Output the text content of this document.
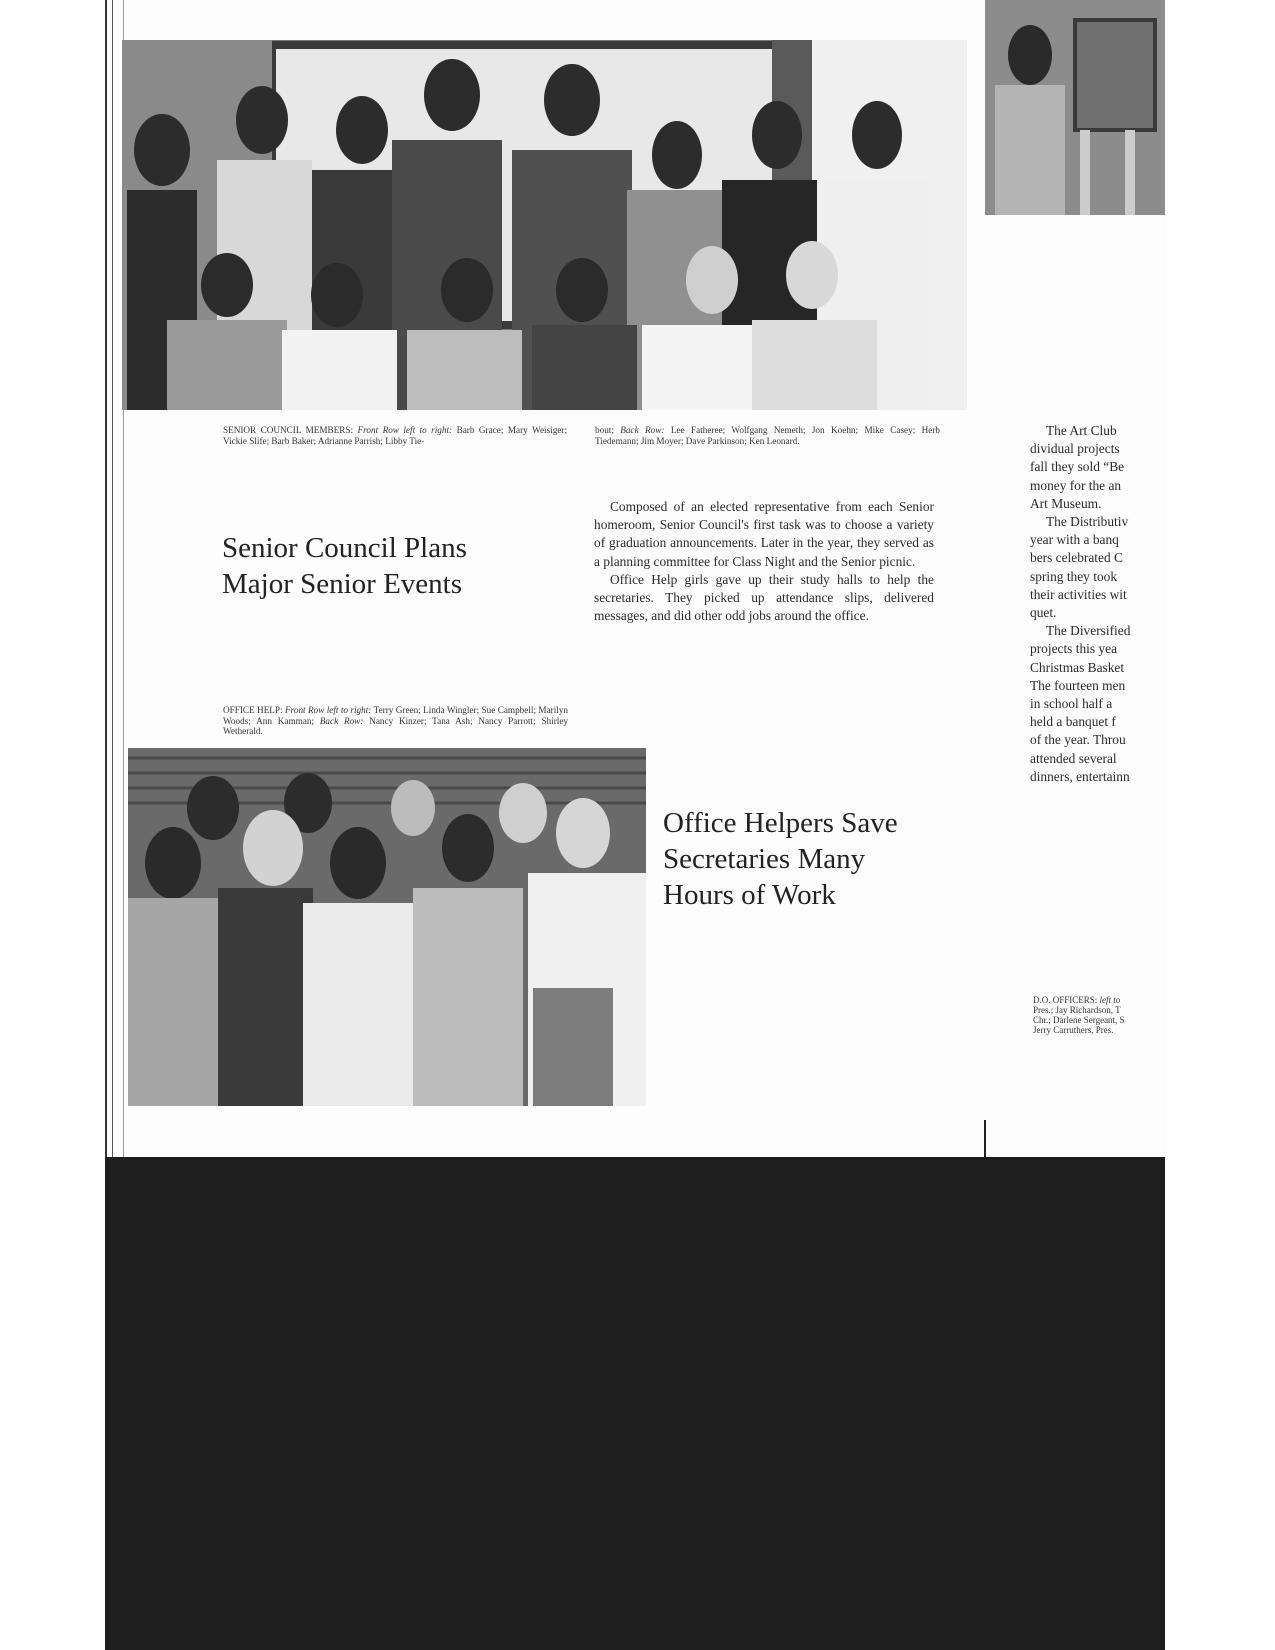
SENIOR COUNCIL MEMBERS: Front Row left to right: Barb Grace; Mary Weisiger; Vickie Slife; Barb Baker; Adrianne Parrish; Libby Tie-
bout; Back Row: Lee Fatheree; Wolfgang Nemeth; Jon Koehn; Mike Casey; Herb Tiedemann; Jim Moyer; Dave Parkinson; Ken Leonard.
Senior Council Plans
Major Senior Events

Composed of an elected representative from each Senior homeroom, Senior Council's first task was to choose a variety of graduation announcements. Later in the year, they served as a planning committee for Class Night and the Senior picnic.

Office Help girls gave up their study halls to help the secretaries. They picked up attendance slips, delivered messages, and did other odd jobs around the office.

OFFICE HELP: Front Row left to right: Terry Green; Linda Wingler; Sue Campbell; Marilyn Woods; Ann Kamman; Back Row: Nancy Kinzer; Tana Ash; Nancy Parrott; Shirley Wetherald.
Office Helpers Save
Secretaries Many
Hours of Work

The Art Club

dividual projects

fall they sold “Be

money for the an

Art Museum.

The Distributiv

year with a banq

bers celebrated C

spring they took

their activities wit

quet.

The Diversified

projects this yea

Christmas Basket

The fourteen men

in school half a

held a banquet f

of the year. Throu

attended several

dinners, entertainn

D.O. OFFICERS: left to
Pres.; Jay Richardson, T
Chr.; Darlene Sergeant, S
Jerry Carruthers, Pres.
